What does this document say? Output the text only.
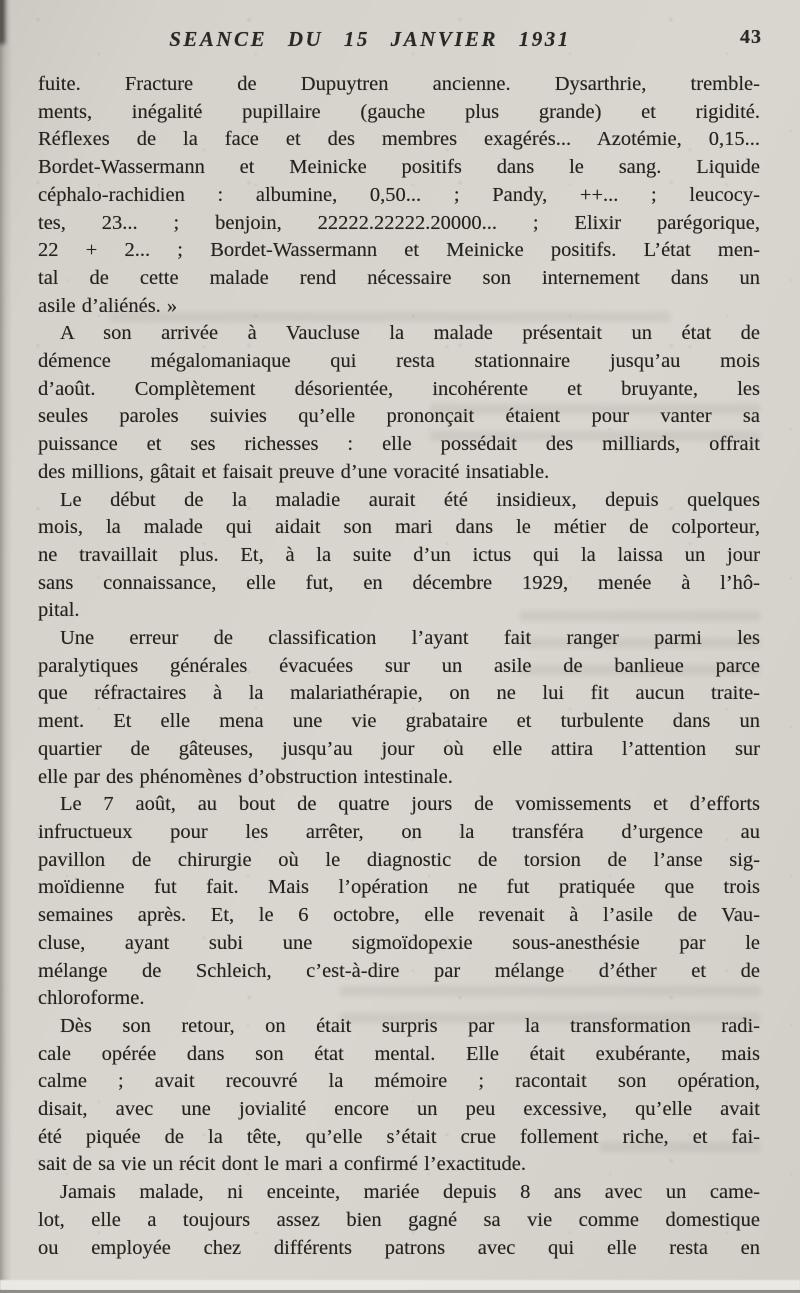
SEANCE DU 15 JANVIER 1931	43
fuite. Fracture de Dupuytren ancienne. Dysarthrie, tremble-
ments, inégalité pupillaire (gauche plus grande) et rigidité.
Réflexes de la face et des membres exagérés... Azotémie, 0,15...
Bordet-Wassermann et Meinicke positifs dans le sang. Liquide
céphalo-rachidien : albumine, 0,50... ; Pandy, ++... ; leucocy-
tes, 23... ; benjoin, 22222.22222.20000... ; Elixir parégorique,
22 + 2... ; Bordet-Wassermann et Meinicke positifs. L’état men-
tal de cette malade rend nécessaire son internement dans un
asile d’aliénés. »
A son arrivée à Vaucluse la malade présentait un état de
démence mégalomaniaque qui resta stationnaire jusqu’au mois
d’août. Complètement désorientée, incohérente et bruyante, les
seules paroles suivies qu’elle prononçait étaient pour vanter sa
puissance et ses richesses : elle possédait des milliards, offrait
des millions, gâtait et faisait preuve d’une voracité insatiable.
Le début de la maladie aurait été insidieux, depuis quelques
mois, la malade qui aidait son mari dans le métier de colporteur,
ne travaillait plus. Et, à la suite d’un ictus qui la laissa un jour
sans connaissance, elle fut, en décembre 1929, menée à l’hô-
pital.
Une erreur de classification l’ayant fait ranger parmi les
paralytiques générales évacuées sur un asile de banlieue parce
que réfractaires à la malariathérapie, on ne lui fit aucun traite-
ment. Et elle mena une vie grabataire et turbulente dans un
quartier de gâteuses, jusqu’au jour où elle attira l’attention sur
elle par des phénomènes d’obstruction intestinale.
Le 7 août, au bout de quatre jours de vomissements et d’efforts
infructueux pour les arrêter, on la transféra d’urgence au
pavillon de chirurgie où le diagnostic de torsion de l’anse sig-
moïdienne fut fait. Mais l’opération ne fut pratiquée que trois
semaines après. Et, le 6 octobre, elle revenait à l’asile de Vau-
cluse, ayant subi une sigmoïdopexie sous-anesthésie par le
mélange de Schleich, c’est-à-dire par mélange d’éther et de
chloroforme.
Dès son retour, on était surpris par la transformation radi-
cale opérée dans son état mental. Elle était exubérante, mais
calme ; avait recouvré la mémoire ; racontait son opération,
disait, avec une jovialité encore un peu excessive, qu’elle avait
été piquée de la tête, qu’elle s’était crue follement riche, et fai-
sait de sa vie un récit dont le mari a confirmé l’exactitude.
Jamais malade, ni enceinte, mariée depuis 8 ans avec un came-
lot, elle a toujours assez bien gagné sa vie comme domestique
ou employée chez différents patrons avec qui elle resta en
